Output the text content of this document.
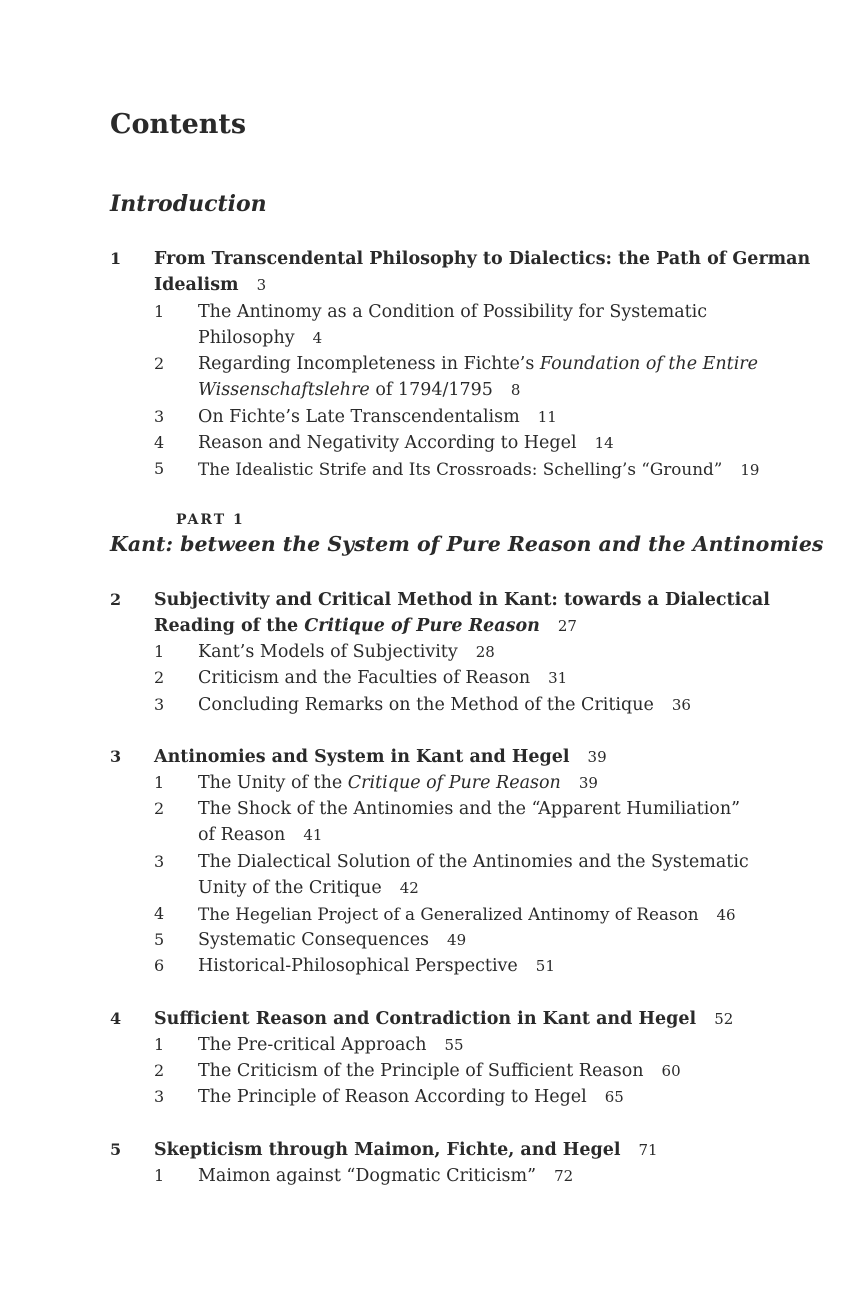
Contents
Introduction
1	From Transcendental Philosophy to Dialectics: the Path of German
Idealism 3
1	The Antinomy as a Condition of Possibility for Systematic
Philosophy 4
2	Regarding Incompleteness in Fichte’s Foundation of the Entire
Wissenschaftslehre of 1794/1795 8
3	On Fichte’s Late Transcendentalism 11
4	Reason and Negativity According to Hegel 14
5	The Idealistic Strife and Its Crossroads: Schelling’s “Ground” 19
PART 1
Kant: between the System of Pure Reason and the Antinomies
2	Subjectivity and Critical Method in Kant: towards a Dialectical
Reading of the Critique of Pure Reason 27
1	Kant’s Models of Subjectivity 28
2	Criticism and the Faculties of Reason 31
3	Concluding Remarks on the Method of the Critique 36
3	Antinomies and System in Kant and Hegel 39
1	The Unity of the Critique of Pure Reason 39
2	The Shock of the Antinomies and the “Apparent Humiliation”
of Reason 41
3	The Dialectical Solution of the Antinomies and the Systematic
Unity of the Critique 42
4	The Hegelian Project of a Generalized Antinomy of Reason 46
5	Systematic Consequences 49
6	Historical-Philosophical Perspective 51
4	Sufficient Reason and Contradiction in Kant and Hegel 52
1	The Pre-critical Approach 55
2	The Criticism of the Principle of Sufficient Reason 60
3	The Principle of Reason According to Hegel 65
5	Skepticism through Maimon, Fichte, and Hegel 71
1	Maimon against “Dogmatic Criticism” 72
